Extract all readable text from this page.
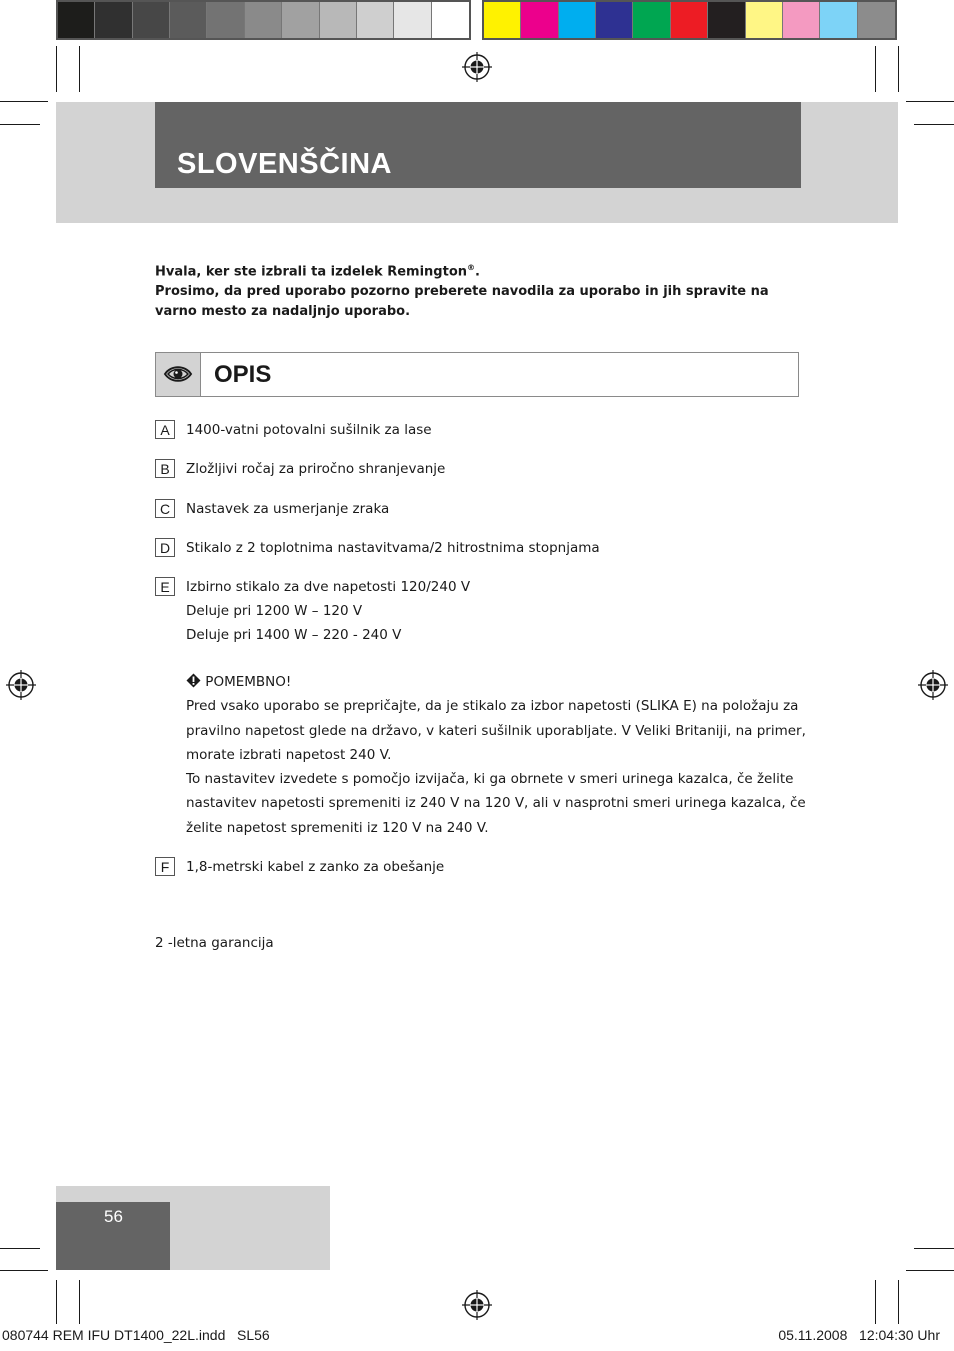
SLOVENŠČINA

Hvala, ker ste izbrali ta izdelek Remington®.

Prosimo, da pred uporabo pozorno preberete navodila za uporabo in jih spravite na varno mesto za nadaljnjo uporabo.

OPIS
A	1400-vatni potovalni sušilnik za lase
B	Zložljivi ročaj za priročno shranjevanje
C	Nastavek za usmerjanje zraka
D	Stikalo z 2 toplotnima nastavitvama/2 hitrostnima stopnjama
E	Izbirno stikalo za dve napetosti 120/240 V
Deluje pri 1200 W – 120 V
Deluje pri 1400 W – 220 - 240 V

POMEMBNO!

Pred vsako uporabo se prepričajte, da je stikalo za izbor napetosti (SLIKA E) na položaju za pravilno napetost glede na državo, v kateri sušilnik uporabljate. V Veliki Britaniji, na primer, morate izbrati napetost 240 V.

To nastavitev izvedete s pomočjo izvijača, ki ga obrnete v smeri urinega kazalca, če želite nastavitev napetosti spremeniti iz 240 V na 120 V, ali v nasprotni smeri urinega kazalca, če želite napetost spremeniti iz 120 V na 240 V.

F	1,8-metrski kabel z zanko za obešanje
2 -letna garancija
56
080744 REM IFU DT1400_22L.indd   SL56	05.11.2008   12:04:30 Uhr
